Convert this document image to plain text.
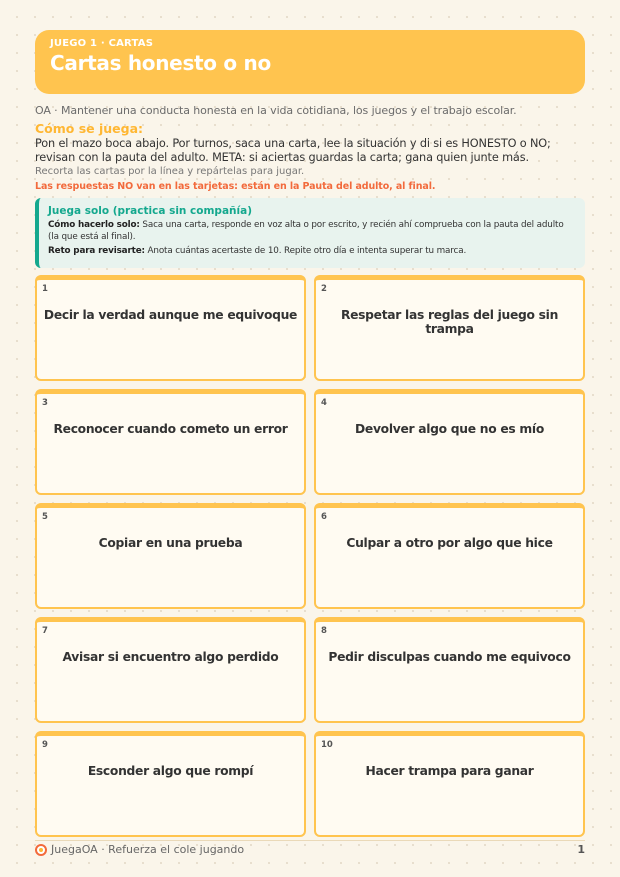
JUEGO 1 · CARTAS
Cartas honesto o no
OA · Mantener una conducta honesta en la vida cotidiana, los juegos y el trabajo escolar.
Cómo se juega:
Pon el mazo boca abajo. Por turnos, saca una carta, lee la situación y di si es HONESTO o NO; revisan con la pauta del adulto. META: si aciertas guardas la carta; gana quien junte más.
Recorta las cartas por la línea y repártelas para jugar.
Las respuestas NO van en las tarjetas: están en la Pauta del adulto, al final.
Juega solo (practica sin compañía)
Cómo hacerlo solo: Saca una carta, responde en voz alta o por escrito, y recién ahí comprueba con la pauta del adulto (la que está al final).
Reto para revisarte: Anota cuántas acertaste de 10. Repite otro día e intenta superar tu marca.
1
Decir la verdad aunque me equivoque
2
Respetar las reglas del juego sin trampa
3
Reconocer cuando cometo un error
4
Devolver algo que no es mío
5
Copiar en una prueba
6
Culpar a otro por algo que hice
7
Avisar si encuentro algo perdido
8
Pedir disculpas cuando me equivoco
9
Esconder algo que rompí
10
Hacer trampa para ganar
JuegaOA · Refuerza el cole jugando	1
